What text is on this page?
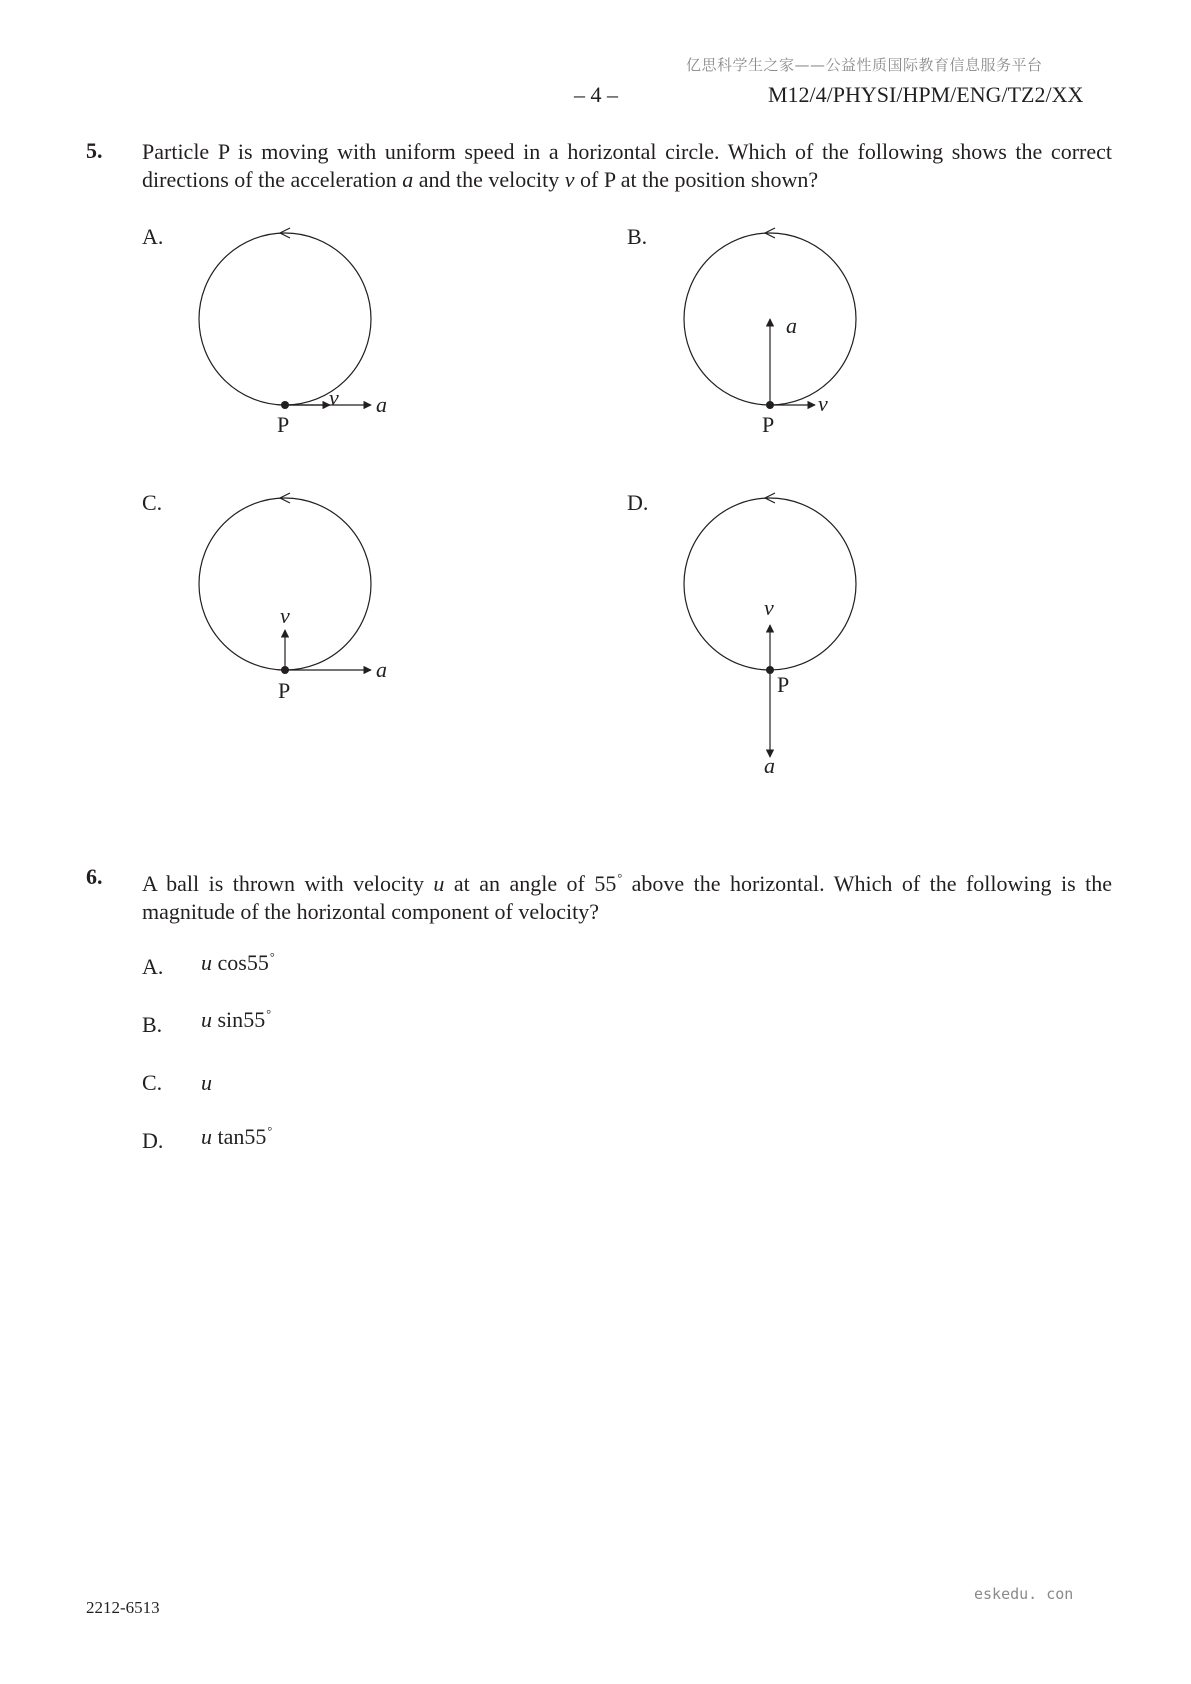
亿思科学生之家——公益性质国际教育信息服务平台
– 4 –	M12/4/PHYSI/HPM/ENG/TZ2/XX
5. Particle P is moving with uniform speed in a horizontal circle. Which of the following shows the correct directions of the acceleration a and the velocity v of P at the position shown?
A.	B.
C.	D.
P
v a
P
a
v
P
v
a
v
P
a
6. A ball is thrown with velocity u at an angle of 55° above the horizontal. Which of the following is the magnitude of the horizontal component of velocity?
A. u cos55°
B. u sin55°
C. u
D. u tan55°
2212-6513
eskedu. con
